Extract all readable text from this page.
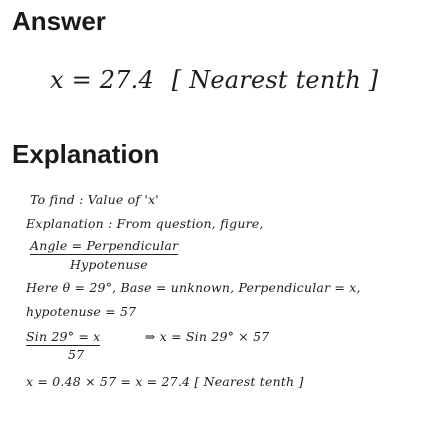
Answer
x = 27.4 [ Nearest tenth ]
Explanation
To find : Value of 'x'
Explanation : From question, figure,
Angle = Perpendicular
Hypotenuse
Here θ = 29°, Base = unknown, Perpendicular = x,
hypotenuse = 57
Sin 29° = x	⇒ x = Sin 29° × 57
57
x = 0.48 × 57 = x = 27.4 [ Nearest tenth ]
